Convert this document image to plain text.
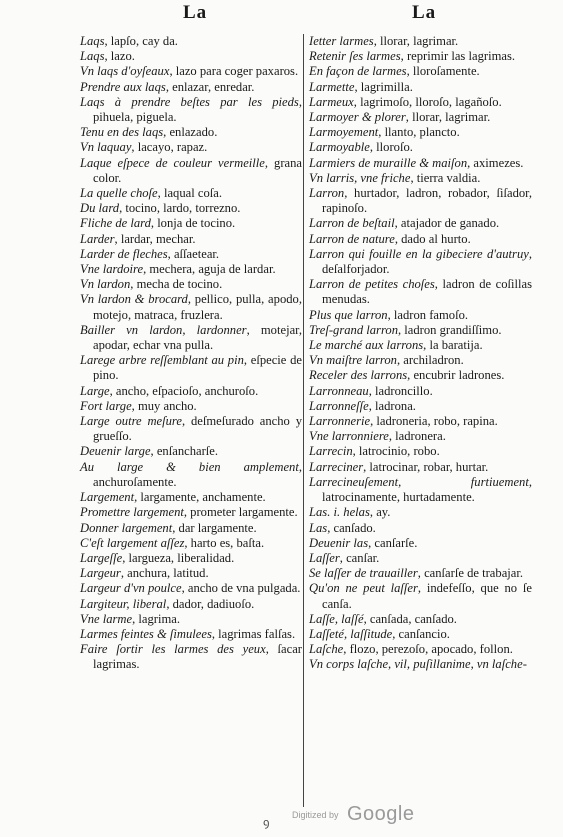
La	La
Laqs, lapſo, cay da.
Laqs, lazo.
Vn laqs d'oyſeaux, lazo para coger paxaros.
Prendre aux laqs, enlazar, enredar.
Laqs à prendre beſtes par les pieds, pihuela, piguela.
Tenu en des laqs, enlazado.
Vn laquay, lacayo, rapaz.
Laque eſpece de couleur vermeille, grana color.
La quelle choſe, laqual coſa.
Du lard, tocino, lardo, torrezno.
Fliche de lard, lonja de tocino.
Larder, lardar, mechar.
Larder de fleches, aſſaetear.
Vne lardoire, mechera, aguja de lardar.
Vn lardon, mecha de tocino.
Vn lardon & brocard, pellico, pulla, apodo, motejo, matraca, fruzlera.
Bailler vn lardon, lardonner, motejar, apodar, echar vna pulla.
Larege arbre reſſemblant au pin, eſpecie de pino.
Large, ancho, eſpacioſo, anchuroſo.
Fort large, muy ancho.
Large outre meſure, deſmeſurado ancho y grueſſo.
Deuenir large, enſancharſe.
Au large & bien amplement, anchuroſamente.
Largement, largamente, anchamente.
Promettre largement, prometer largamente.
Donner largement, dar largamente.
C'eſt largement aſſez, harto es, baſta.
Largeſſe, largueza, liberalidad.
Largeur, anchura, latitud.
Largeur d'vn poulce, ancho de vna pulgada.
Largiteur, liberal, dador, dadiuoſo.
Vne larme, lagrima.
Larmes feintes & ſimulees, lagrimas falſas.
Faire ſortir les larmes des yeux, ſacar lagrimas.
Ietter larmes, llorar, lagrimar.
Retenir ſes larmes, reprimir las lagrimas.
En façon de larmes, lloroſamente.
Larmette, lagrimilla.
Larmeux, lagrimoſo, lloroſo, lagañoſo.
Larmoyer & plorer, llorar, lagrimar.
Larmoyement, llanto, plancto.
Larmoyable, lloroſo.
Larmiers de muraille & maiſon, aximezes.
Vn larris, vne friche, tierra valdia.
Larron, hurtador, ladron, robador, ſiſador, rapinoſo.
Larron de beſtail, atajador de ganado.
Larron de nature, dado al hurto.
Larron qui fouille en la gibeciere d'autruy, deſalforjador.
Larron de petites choſes, ladron de coſillas menudas.
Plus que larron, ladron famoſo.
Treſ-grand larron, ladron grandiſſimo.
Le marché aux larrons, la baratija.
Vn maiſtre larron, archiladron.
Receler des larrons, encubrir ladrones.
Larronneau, ladroncillo.
Larronneſſe, ladrona.
Larronnerie, ladroneria, robo, rapina.
Vne larronniere, ladronera.
Larrecin, latrocinio, robo.
Larreciner, latrocinar, robar, hurtar.
Larrecineuſement, furtiuement, latrocinamente, hurtadamente.
Las. i. helas, ay.
Las, canſado.
Deuenir las, canſarſe.
Laſſer, canſar.
Se laſſer de trauailler, canſarſe de trabajar.
Qu'on ne peut laſſer, indefeſſo, que no ſe canſa.
Laſſe, laſſé, canſada, canſado.
Laſſeté, laſſitude, canſancio.
Laſche, flozo, perezoſo, apocado, follon.
Vn corps laſche, vil, puſillanime, vn laſche-
ꝯ
Digitized by Google
